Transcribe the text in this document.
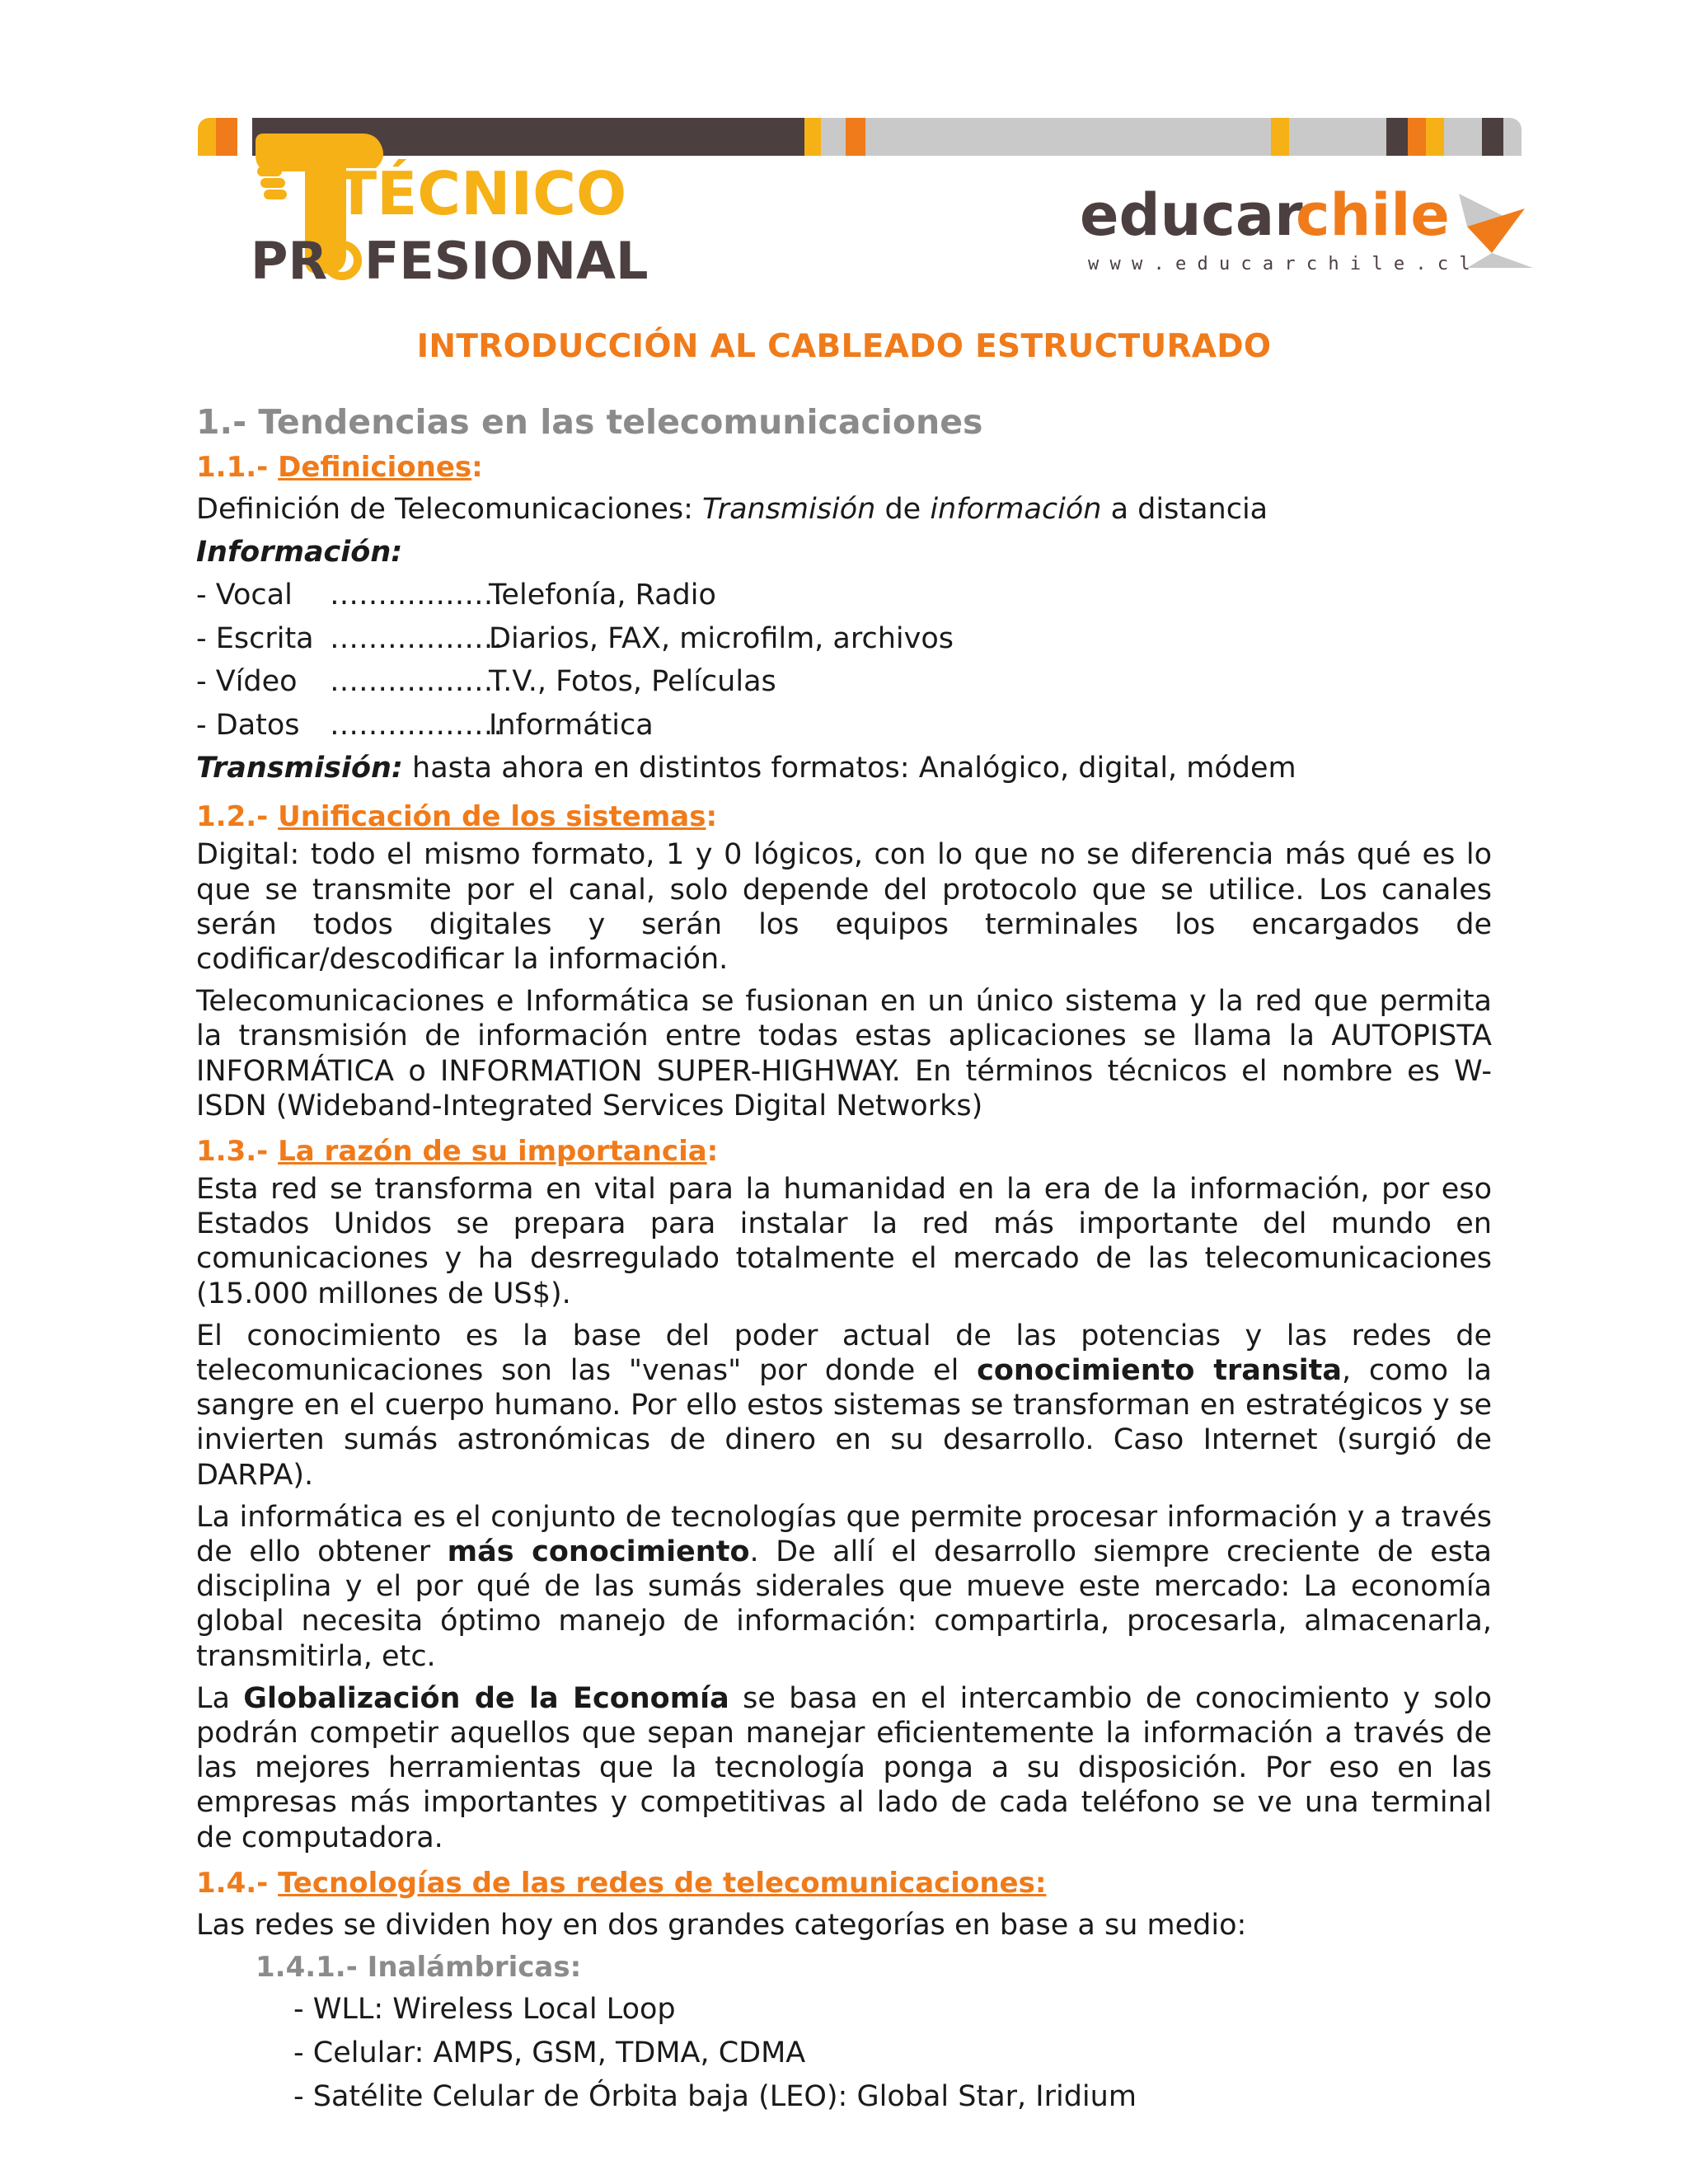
TÉCNICO
PR FESIONAL
educar
chile
w w w . e d u c a r c h i l e . c l
INTRODUCCIÓN AL CABLEADO ESTRUCTURADO

1.- Tendencias en las telecomunicaciones

1.1.- Definiciones:

Definición de Telecomunicaciones: Transmisión de información a distancia

Información:

- Vocal ………………
Telefonía, Radio
- Escrita ………………
Diarios, FAX, microfilm, archivos
- Vídeo ………………
T.V., Fotos, Películas
- Datos ………………
Informática

Transmisión: hasta ahora en distintos formatos: Analógico, digital, módem

1.2.- Unificación de los sistemas:

Digital: todo el mismo formato, 1 y 0 lógicos, con lo que no se diferencia más qué es lo que se transmite por el canal, solo depende del protocolo que se utilice. Los canales serán todos digitales y serán los equipos terminales los encargados de codificar/descodificar la información.

Telecomunicaciones e Informática se fusionan en un único sistema y la red que permita la transmisión de información entre todas estas aplicaciones se llama la AUTOPISTA INFORMÁTICA o INFORMATION SUPER-HIGHWAY. En términos técnicos el nombre es W-ISDN (Wideband-Integrated Services Digital Networks)

1.3.- La razón de su importancia:

Esta red se transforma en vital para la humanidad en la era de la información, por eso Estados Unidos se prepara para instalar la red más importante del mundo en comunicaciones y ha desrregulado totalmente el mercado de las telecomunicaciones (15.000 millones de US$).

El conocimiento es la base del poder actual de las potencias y las redes de telecomunicaciones son las "venas" por donde el conocimiento transita, como la sangre en el cuerpo humano. Por ello estos sistemas se transforman en estratégicos y se invierten sumás astronómicas de dinero en su desarrollo. Caso Internet (surgió de DARPA).

La informática es el conjunto de tecnologías que permite procesar información y a través de ello obtener más conocimiento. De allí el desarrollo siempre creciente de esta disciplina y el por qué de las sumás siderales que mueve este mercado: La economía global necesita óptimo manejo de información: compartirla, procesarla, almacenarla, transmitirla, etc.

La Globalización de la Economía se basa en el intercambio de conocimiento y solo podrán competir aquellos que sepan manejar eficientemente la información a través de las mejores herramientas que la tecnología ponga a su disposición. Por eso en las empresas más importantes y competitivas al lado de cada teléfono se ve una terminal de computadora.

1.4.- Tecnologías de las redes de telecomunicaciones:

Las redes se dividen hoy en dos grandes categorías en base a su medio:

1.4.1.- Inalámbricas:

- WLL: Wireless Local Loop

- Celular: AMPS, GSM, TDMA, CDMA

- Satélite Celular de Órbita baja (LEO): Global Star, Iridium
